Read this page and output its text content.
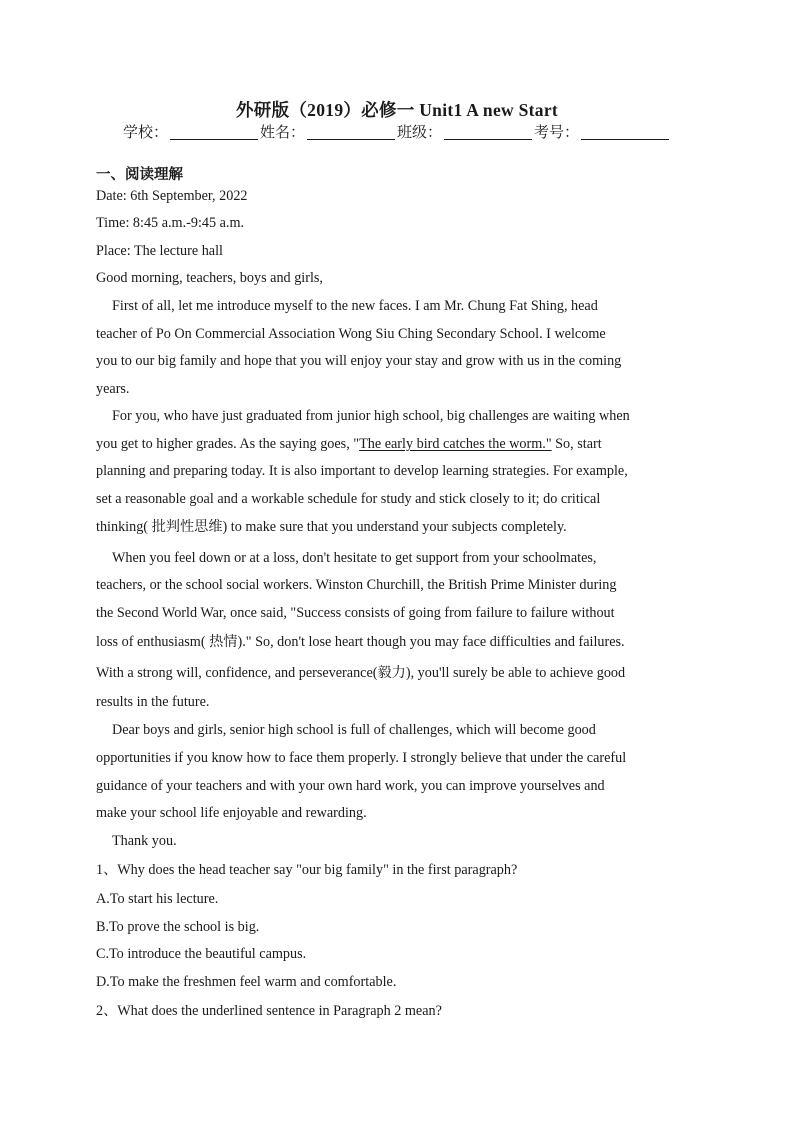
外研版（2019）必修一 Unit1 A new Start
学校：	姓名：	班级：	考号：
一、阅读理解
Date: 6th September, 2022
Time: 8:45 a.m.-9:45 a.m.
Place: The lecture hall
Good morning, teachers, boys and girls,
First of all, let me introduce myself to the new faces. I am Mr. Chung Fat Shing, head
teacher of Po On Commercial Association Wong Siu Ching Secondary School. I welcome
you to our big family and hope that you will enjoy your stay and grow with us in the coming
years.
For you, who have just graduated from junior high school, big challenges are waiting when
you get to higher grades. As the saying goes, "The early bird catches the worm." So, start
planning and preparing today. It is also important to develop learning strategies. For example,
set a reasonable goal and a workable schedule for study and stick closely to it; do critical
thinking( 批判性思维) to make sure that you understand your subjects completely.
When you feel down or at a loss, don't hesitate to get support from your schoolmates,
teachers, or the school social workers. Winston Churchill, the British Prime Minister during
the Second World War, once said, "Success consists of going from failure to failure without
loss of enthusiasm( 热情)." So, don't lose heart though you may face difficulties and failures.
With a strong will, confidence, and perseverance(毅力), you'll surely be able to achieve good
results in the future.
Dear boys and girls, senior high school is full of challenges, which will become good
opportunities if you know how to face them properly. I strongly believe that under the careful
guidance of your teachers and with your own hard work, you can improve yourselves and
make your school life enjoyable and rewarding.
Thank you.
1、Why does the head teacher say "our big family" in the first paragraph?
A.To start his lecture.
B.To prove the school is big.
C.To introduce the beautiful campus.
D.To make the freshmen feel warm and comfortable.
2、What does the underlined sentence in Paragraph 2 mean?
